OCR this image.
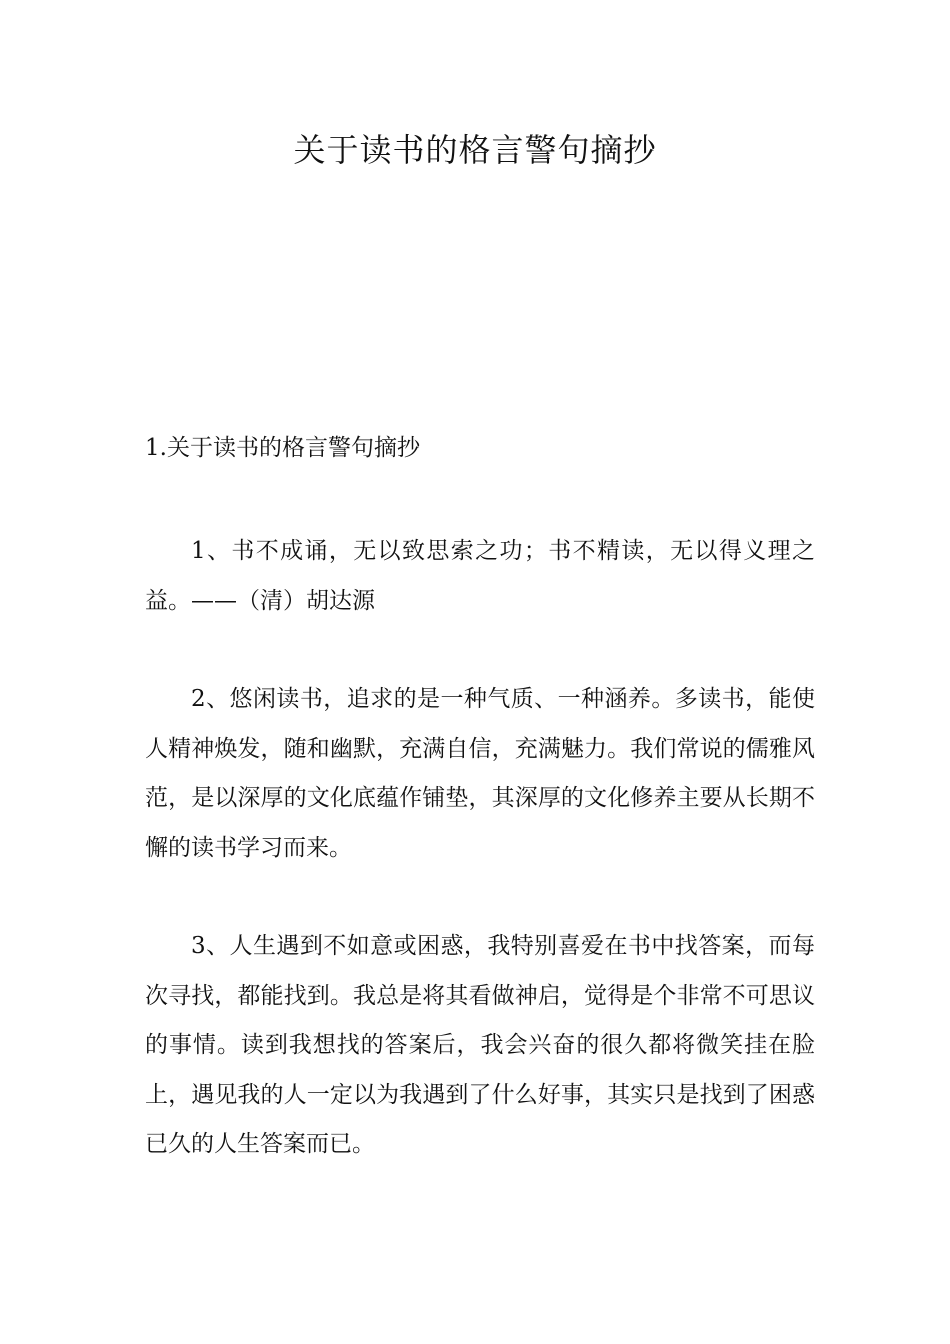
关于读书的格言警句摘抄
1.关于读书的格言警句摘抄

1、书不成诵，无以致思索之功；书不精读，无以得义理之益。——（清）胡达源

2、悠闲读书，追求的是一种气质、一种涵养。多读书，能使人精神焕发，随和幽默，充满自信，充满魅力。我们常说的儒雅风范，是以深厚的文化底蕴作铺垫，其深厚的文化修养主要从长期不懈的读书学习而来。

3、人生遇到不如意或困惑，我特别喜爱在书中找答案，而每次寻找，都能找到。我总是将其看做神启，觉得是个非常不可思议的事情。读到我想找的答案后，我会兴奋的很久都将微笑挂在脸上，遇见我的人一定以为我遇到了什么好事，其实只是找到了困惑已久的人生答案而已。
